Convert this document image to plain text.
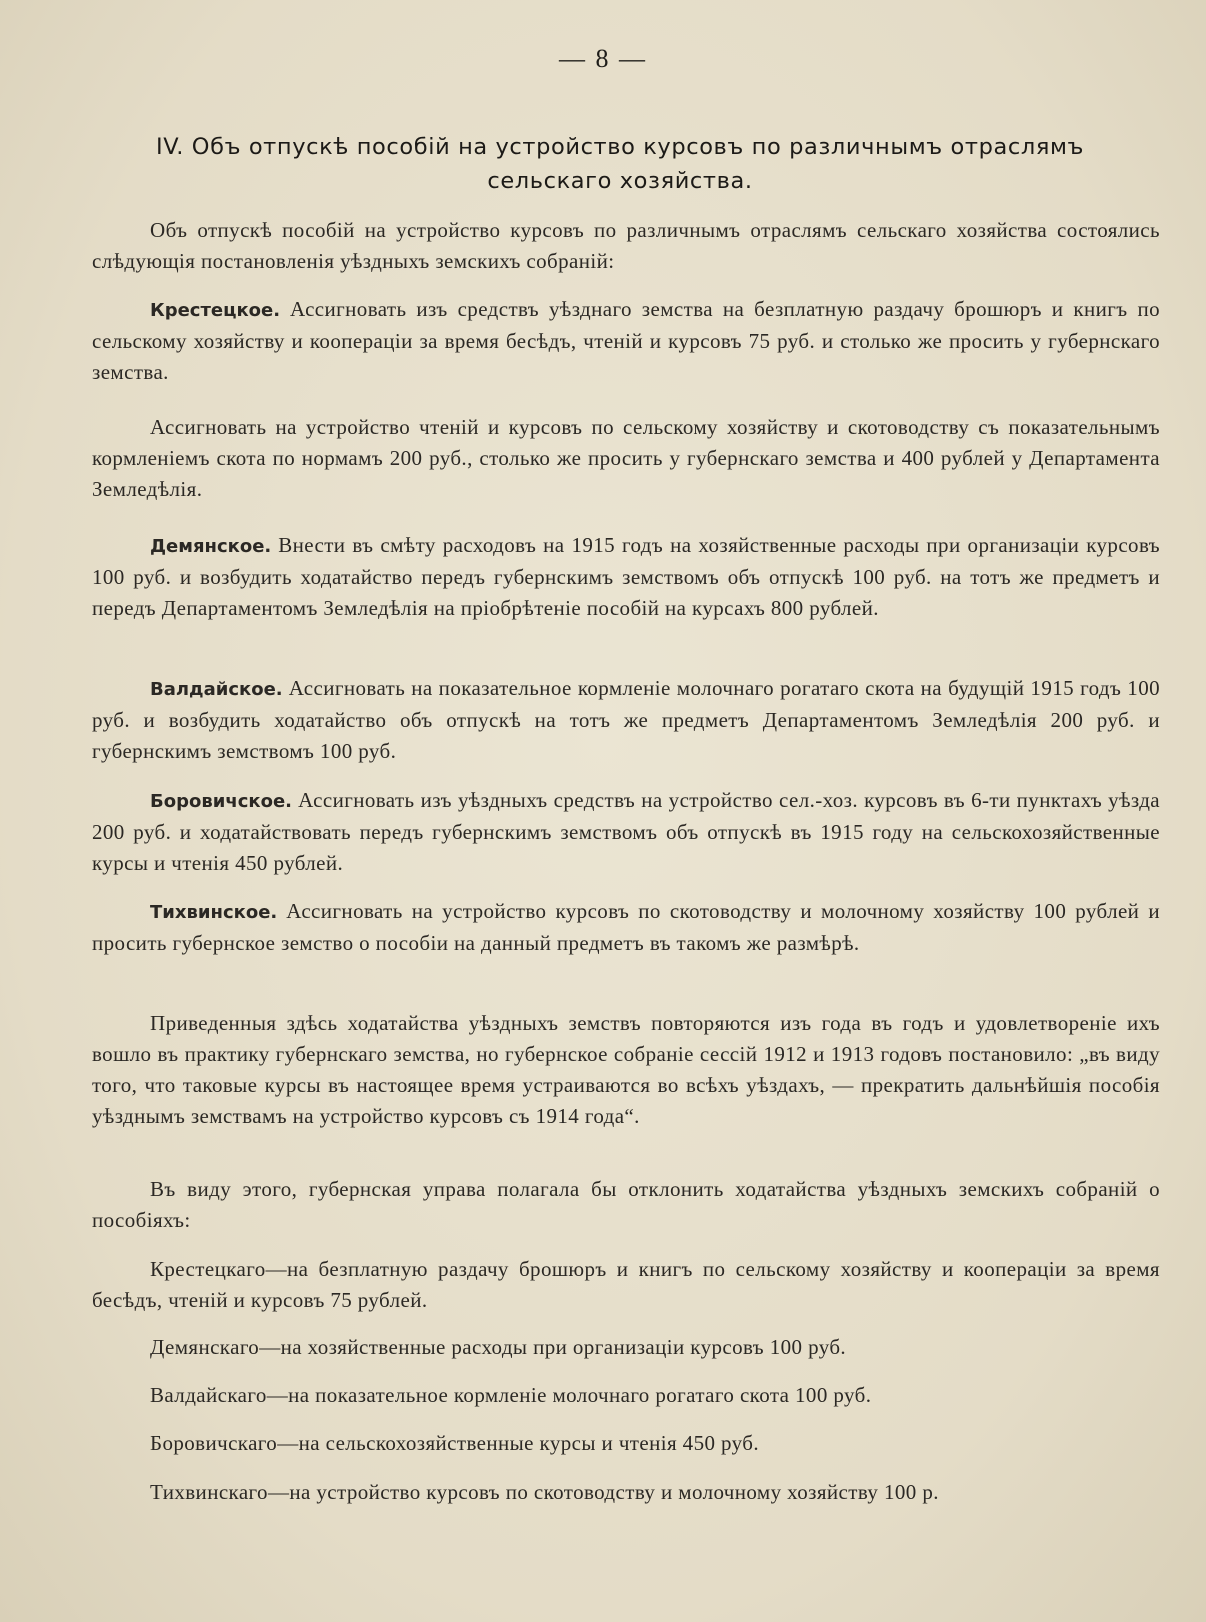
— 8 —
IV. Объ отпускѣ пособій на устройство курсовъ по различнымъ отраслямъ
сельскаго хозяйства.

Объ отпускѣ пособій на устройство курсовъ по различнымъ отраслямъ сельскаго хозяйства состоялись слѣдующія постановленія уѣздныхъ земскихъ собраній:

Крестецкое. Ассигновать изъ средствъ уѣзднаго земства на безплатную раздачу брошюръ и книгъ по сельскому хозяйству и коопераціи за время бесѣдъ, чтеній и курсовъ 75 руб. и столько же просить у губернскаго земства.

Ассигновать на устройство чтеній и курсовъ по сельскому хозяйству и скотоводству съ показательнымъ кормленіемъ скота по нормамъ 200 руб., столько же просить у губернскаго земства и 400 рублей у Департамента Земледѣлія.

Демянское. Внести въ смѣту расходовъ на 1915 годъ на хозяйственные расходы при организаціи курсовъ 100 руб. и возбудить ходатайство передъ губернскимъ земствомъ объ отпускѣ 100 руб. на тотъ же предметъ и передъ Департаментомъ Земледѣлія на пріобрѣтеніе пособій на курсахъ 800 рублей.

Валдайское. Ассигновать на показательное кормленіе молочнаго рогатаго скота на будущій 1915 годъ 100 руб. и возбудить ходатайство объ отпускѣ на тотъ же предметъ Департаментомъ Земледѣлія 200 руб. и губернскимъ земствомъ 100 руб.

Боровичское. Ассигновать изъ уѣздныхъ средствъ на устройство сел.-хоз. курсовъ въ 6-ти пунктахъ уѣзда 200 руб. и ходатайствовать передъ губернскимъ земствомъ объ отпускѣ въ 1915 году на сельскохозяйственные курсы и чтенія 450 рублей.

Тихвинское. Ассигновать на устройство курсовъ по скотоводству и молочному хозяйству 100 рублей и просить губернское земство о пособіи на данный предметъ въ такомъ же размѣрѣ.

Приведенныя здѣсь ходатайства уѣздныхъ земствъ повторяются изъ года въ годъ и удовлетвореніе ихъ вошло въ практику губернскаго земства, но губернское собраніе сессій 1912 и 1913 годовъ постановило: „въ виду того, что таковые курсы въ настоящее время устраиваются во всѣхъ уѣздахъ, — прекратить дальнѣйшія пособія уѣзднымъ земствамъ на устройство курсовъ съ 1914 года“.

Въ виду этого, губернская управа полагала бы отклонить ходатайства уѣздныхъ земскихъ собраній о пособіяхъ:

Крестецкаго—на безплатную раздачу брошюръ и книгъ по сельскому хозяйству и коопераціи за время бесѣдъ, чтеній и курсовъ 75 рублей.

Демянскаго—на хозяйственные расходы при организаціи курсовъ 100 руб.
Валдайскаго—на показательное кормленіе молочнаго рогатаго скота 100 руб.
Боровичскаго—на сельскохозяйственные курсы и чтенія 450 руб.
Тихвинскаго—на устройство курсовъ по скотоводству и молочному хозяйству 100 р.
